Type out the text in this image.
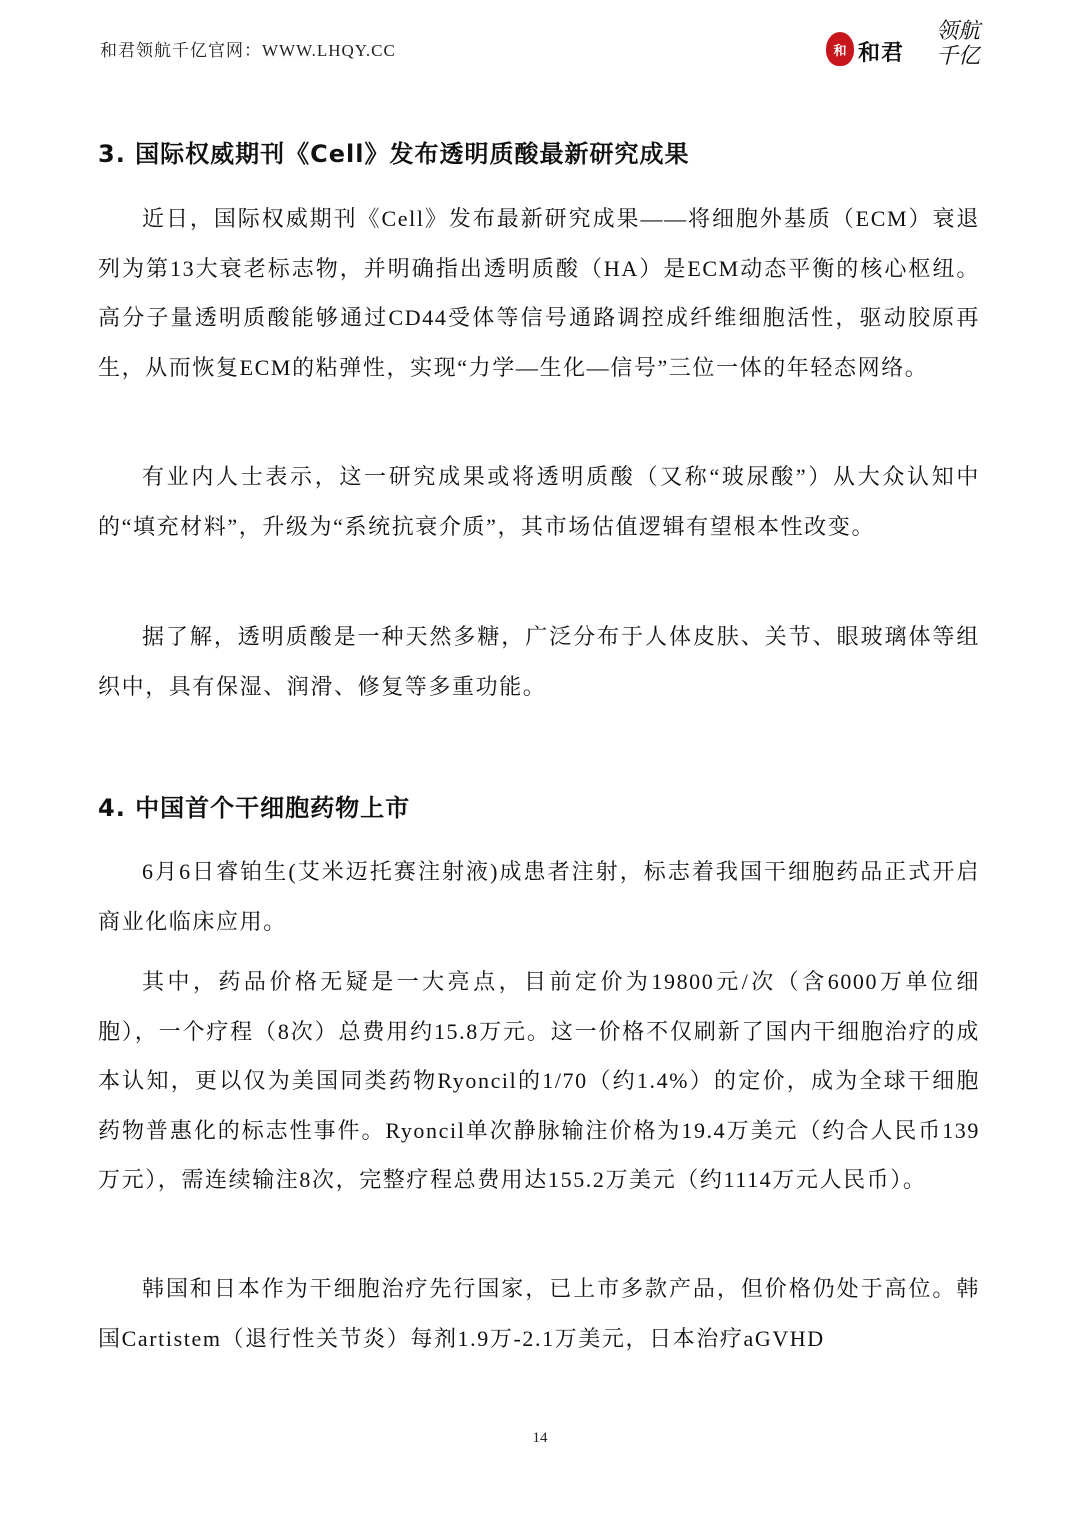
和君领航千亿官网：WWW.LHQY.CC	和 和君
领航
千亿
3. 国际权威期刊《Cell》发布透明质酸最新研究成果

近日，国际权威期刊《Cell》发布最新研究成果——将细胞外基质（ECM）衰退列为第13大衰老标志物，并明确指出透明质酸（HA）是ECM动态平衡的核心枢纽。高分子量透明质酸能够通过CD44受体等信号通路调控成纤维细胞活性，驱动胶原再生，从而恢复ECM的粘弹性，实现“力学—生化—信号”三位一体的年轻态网络。

有业内人士表示，这一研究成果或将透明质酸（又称“玻尿酸”）从大众认知中的“填充材料”，升级为“系统抗衰介质”，其市场估值逻辑有望根本性改变。

据了解，透明质酸是一种天然多糖，广泛分布于人体皮肤、关节、眼玻璃体等组织中，具有保湿、润滑、修复等多重功能。

4. 中国首个干细胞药物上市

6月6日睿铂生(艾米迈托赛注射液)成患者注射，标志着我国干细胞药品正式开启商业化临床应用。

其中，药品价格无疑是一大亮点，目前定价为19800元/次（含6000万单位细胞），一个疗程（8次）总费用约15.8万元。这一价格不仅刷新了国内干细胞治疗的成本认知，更以仅为美国同类药物Ryoncil的1/70（约1.4%）的定价，成为全球干细胞药物普惠化的标志性事件。Ryoncil单次静脉输注价格为19.4万美元（约合人民币139万元），需连续输注8次，完整疗程总费用达155.2万美元（约1114万元人民币）。

韩国和日本作为干细胞治疗先行国家，已上市多款产品，但价格仍处于高位。韩国Cartistem（退行性关节炎）每剂1.9万-2.1万美元，日本治疗aGVHD

14
